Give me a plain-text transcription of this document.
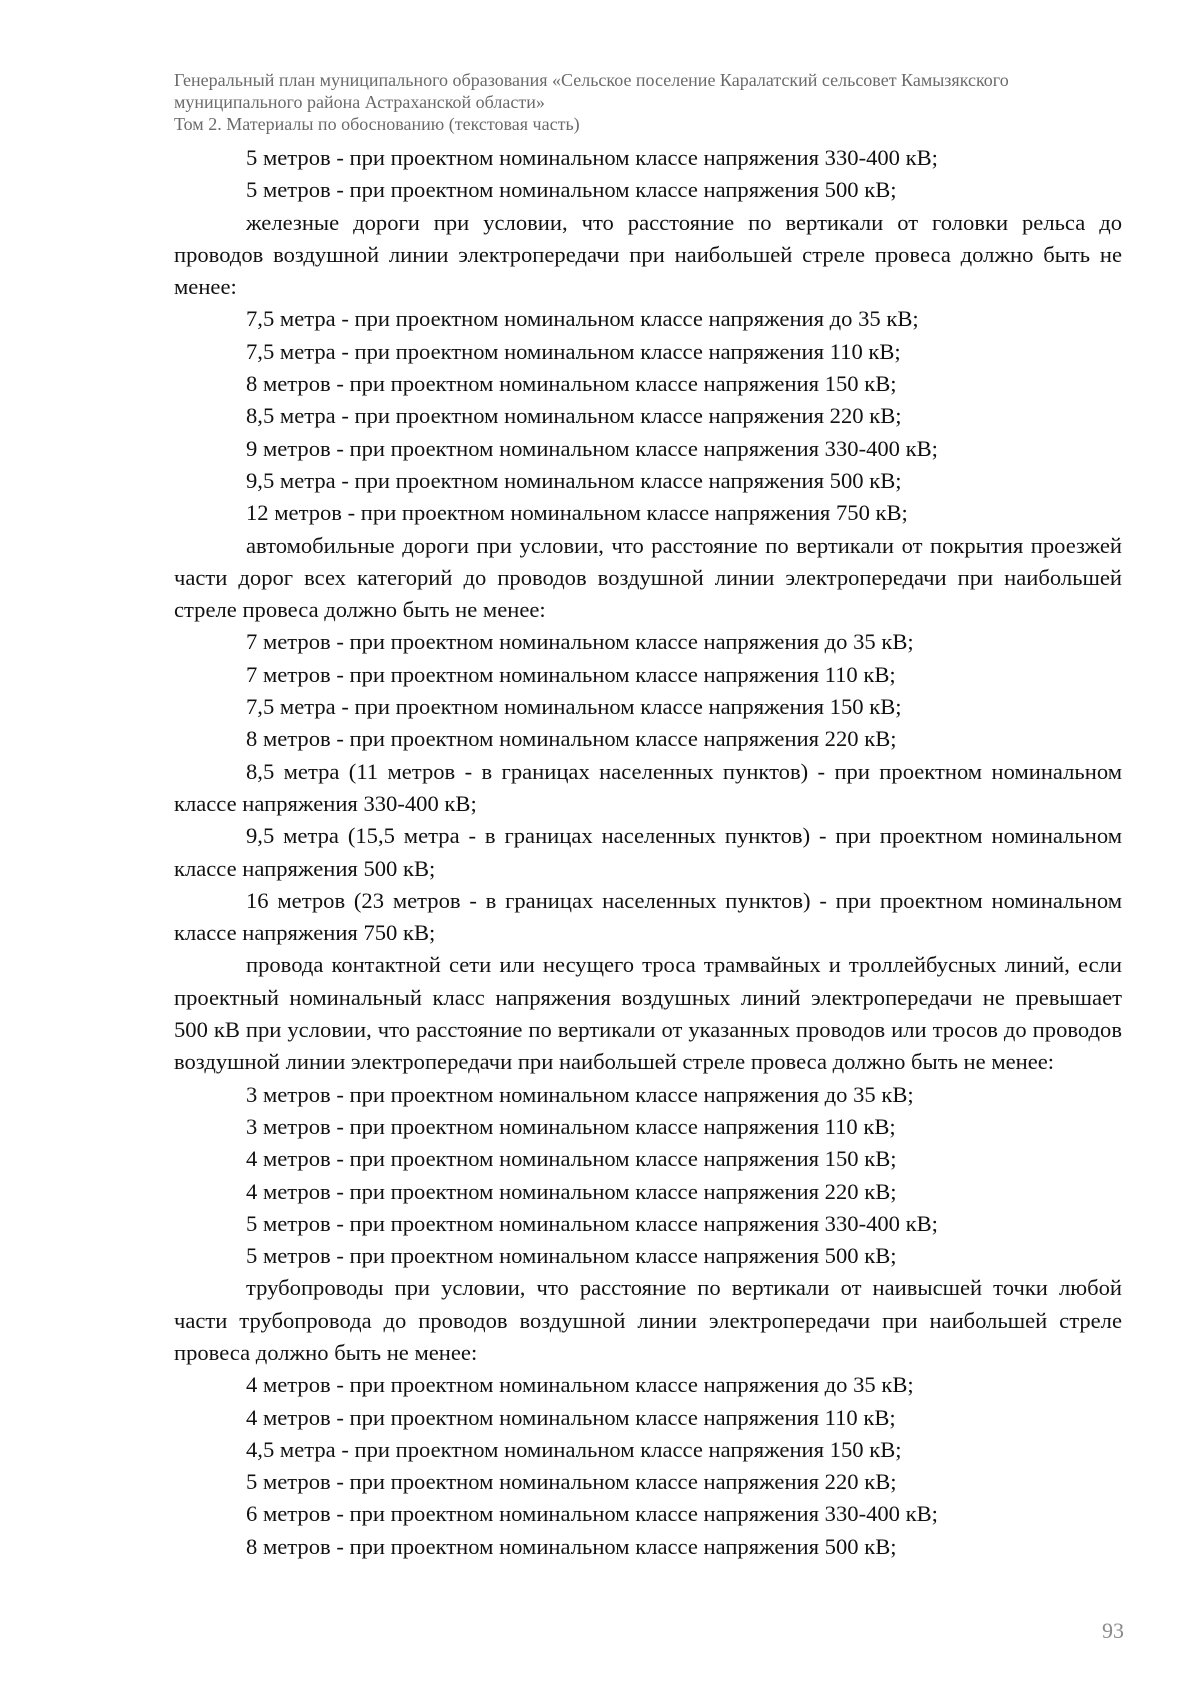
Генеральный план муниципального образования «Сельское поселение Каралатский сельсовет Камызякского
муниципального района Астраханской области»
Том 2. Материалы по обоснованию (текстовая часть)

5 метров - при проектном номинальном классе напряжения 330-400 кВ;

5 метров - при проектном номинальном классе напряжения 500 кВ;

железные дороги при условии, что расстояние по вертикали от головки рельса до проводов воздушной линии электропередачи при наибольшей стреле провеса должно быть не менее:

7,5 метра - при проектном номинальном классе напряжения до 35 кВ;

7,5 метра - при проектном номинальном классе напряжения 110 кВ;

8 метров - при проектном номинальном классе напряжения 150 кВ;

8,5 метра - при проектном номинальном классе напряжения 220 кВ;

9 метров - при проектном номинальном классе напряжения 330-400 кВ;

9,5 метра - при проектном номинальном классе напряжения 500 кВ;

12 метров - при проектном номинальном классе напряжения 750 кВ;

автомобильные дороги при условии, что расстояние по вертикали от покрытия проезжей части дорог всех категорий до проводов воздушной линии электропередачи при наибольшей стреле провеса должно быть не менее:

7 метров - при проектном номинальном классе напряжения до 35 кВ;

7 метров - при проектном номинальном классе напряжения 110 кВ;

7,5 метра - при проектном номинальном классе напряжения 150 кВ;

8 метров - при проектном номинальном классе напряжения 220 кВ;

8,5 метра (11 метров - в границах населенных пунктов) - при проектном номинальном классе напряжения 330-400 кВ;

9,5 метра (15,5 метра - в границах населенных пунктов) - при проектном номинальном классе напряжения 500 кВ;

16 метров (23 метров - в границах населенных пунктов) - при проектном номинальном классе напряжения 750 кВ;

провода контактной сети или несущего троса трамвайных и троллейбусных линий, если проектный номинальный класс напряжения воздушных линий электропередачи не превышает 500 кВ при условии, что расстояние по вертикали от указанных проводов или тросов до проводов воздушной линии электропередачи при наибольшей стреле провеса должно быть не менее:

3 метров - при проектном номинальном классе напряжения до 35 кВ;

3 метров - при проектном номинальном классе напряжения 110 кВ;

4 метров - при проектном номинальном классе напряжения 150 кВ;

4 метров - при проектном номинальном классе напряжения 220 кВ;

5 метров - при проектном номинальном классе напряжения 330-400 кВ;

5 метров - при проектном номинальном классе напряжения 500 кВ;

трубопроводы при условии, что расстояние по вертикали от наивысшей точки любой части трубопровода до проводов воздушной линии электропередачи при наибольшей стреле провеса должно быть не менее:

4 метров - при проектном номинальном классе напряжения до 35 кВ;

4 метров - при проектном номинальном классе напряжения 110 кВ;

4,5 метра - при проектном номинальном классе напряжения 150 кВ;

5 метров - при проектном номинальном классе напряжения 220 кВ;

6 метров - при проектном номинальном классе напряжения 330-400 кВ;

8 метров - при проектном номинальном классе напряжения 500 кВ;

93
